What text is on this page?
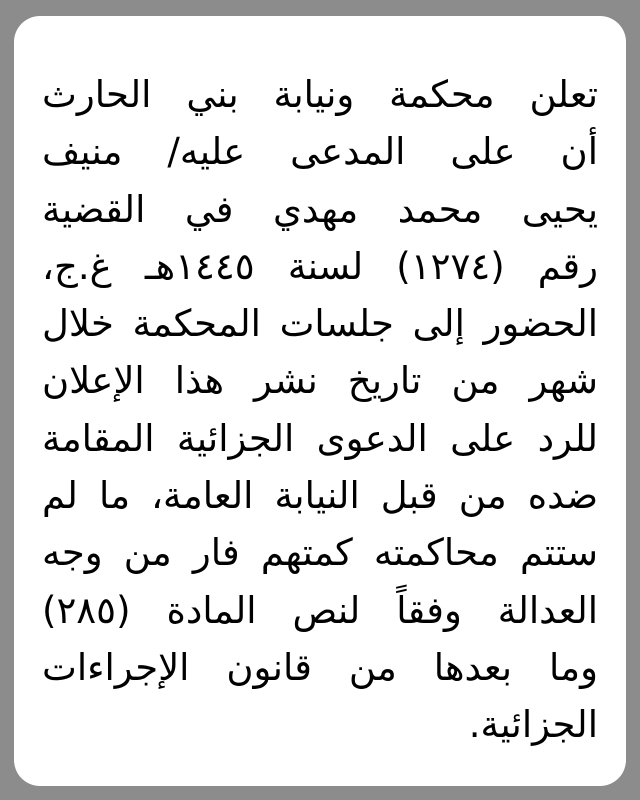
تعلن محكمة ونيابة بني الحارث
أن على المدعى عليه/ منيف
يحيى محمد مهدي في القضية
رقم (١٢٧٤) لسنة ١٤٤٥هـ غ.ج،
الحضور إلى جلسات المحكمة خلال
شهر من تاريخ نشر هذا الإعلان
للرد على الدعوى الجزائية المقامة
ضده من قبل النيابة العامة، ما لم
ستتم محاكمته كمتهم فار من وجه
العدالة وفقاً لنص المادة (٢٨٥)
وما بعدها من قانون الإجراءات
الجزائية.
